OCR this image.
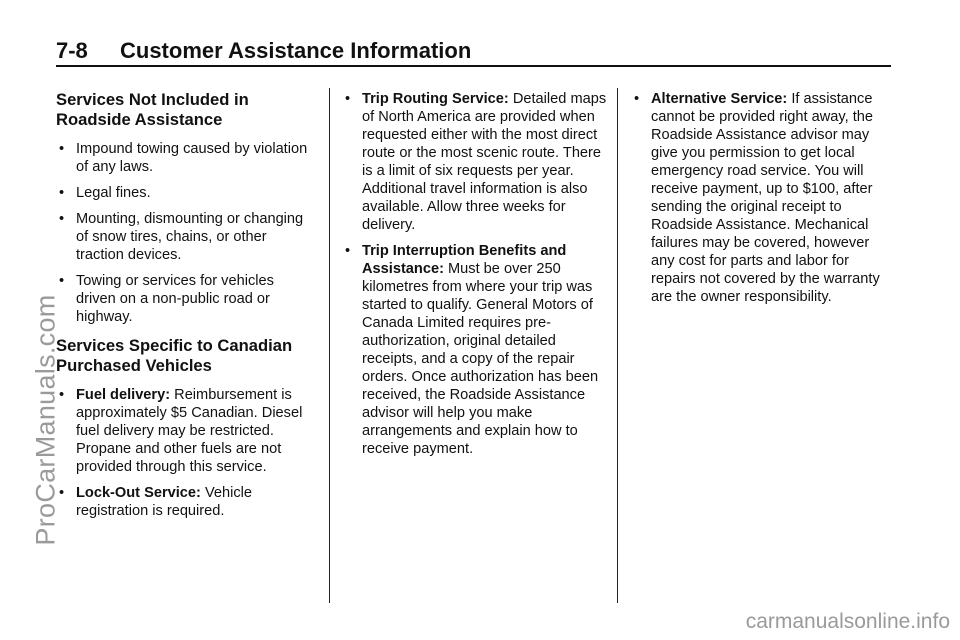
7-8 Customer Assistance Information
ProCarManuals.com
carmanualsonline.info
Services Not Included in Roadside Assistance
• Impound towing caused by violation of any laws.
• Legal fines.
• Mounting, dismounting or changing of snow tires, chains, or other traction devices.
• Towing or services for vehicles driven on a non-public road or highway.
Services Specific to Canadian Purchased Vehicles
• Fuel delivery: Reimbursement is approximately $5 Canadian. Diesel fuel delivery may be restricted. Propane and other fuels are not provided through this service.
• Lock-Out Service: Vehicle registration is required.
• Trip Routing Service: Detailed maps of North America are provided when requested either with the most direct route or the most scenic route. There is a limit of six requests per year. Additional travel information is also available. Allow three weeks for delivery.
• Trip Interruption Benefits and Assistance: Must be over 250 kilometres from where your trip was started to qualify. General Motors of Canada Limited requires pre-authorization, original detailed receipts, and a copy of the repair orders. Once authorization has been received, the Roadside Assistance advisor will help you make arrangements and explain how to receive payment.
• Alternative Service: If assistance cannot be provided right away, the Roadside Assistance advisor may give you permission to get local emergency road service. You will receive payment, up to $100, after sending the original receipt to Roadside Assistance. Mechanical failures may be covered, however any cost for parts and labor for repairs not covered by the warranty are the owner responsibility.
